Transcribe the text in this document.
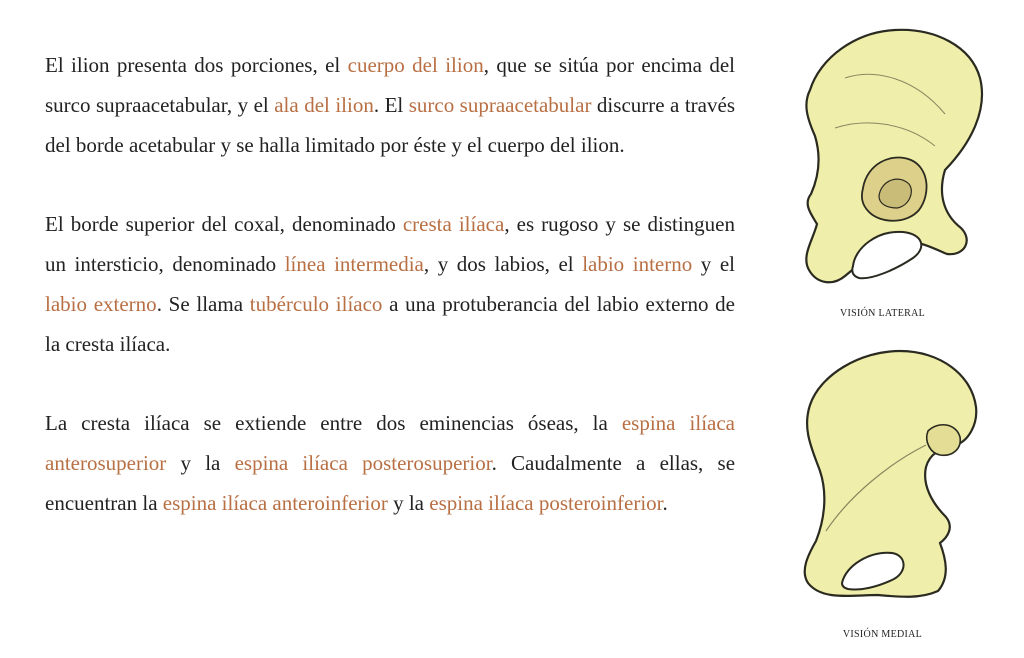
El ilion presenta dos porciones, el cuerpo del ilion, que se sitúa por encima del surco supraacetabular, y el ala del ilion. El surco supraacetabular discurre a través del borde acetabular y se halla limitado por éste y el cuerpo del ilion.

El borde superior del coxal, denominado cresta ilíaca, es rugoso y se distinguen un intersticio, denominado línea intermedia, y dos labios, el labio interno y el labio externo. Se llama tubérculo ilíaco a una protuberancia del labio externo de la cresta ilíaca.

La cresta ilíaca se extiende entre dos eminencias óseas, la espina ilíaca anterosuperior y la espina ilíaca posterosuperior. Caudalmente a ellas, se encuentran la espina ilíaca anteroinferior y la espina ilíaca posteroinferior.

VISIÓN LATERAL
VISIÓN MEDIAL
